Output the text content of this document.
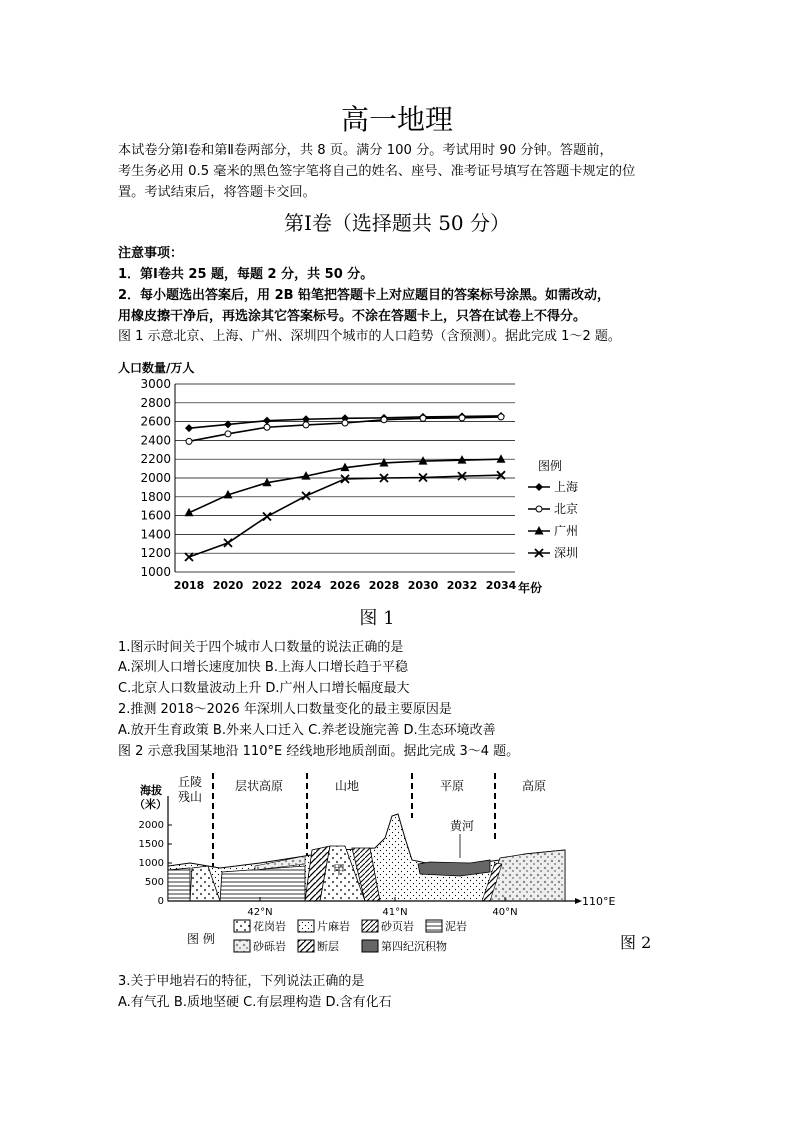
高一地理
本试卷分第Ⅰ卷和第Ⅱ卷两部分，共 8 页。满分 100 分。考试用时 90 分钟。答题前，
考生务必用 0.5 毫米的黑色签字笔将自己的姓名、座号、准考证号填写在答题卡规定的位
置。考试结束后，将答题卡交回。
第Ⅰ卷（选择题共 50 分）
注意事项：
1．第Ⅰ卷共 25 题，每题 2 分，共 50 分。
2．每小题选出答案后，用 2B 铅笔把答题卡上对应题目的答案标号涂黑。如需改动，
用橡皮擦干净后，再选涂其它答案标号。不涂在答题卡上，只答在试卷上不得分。
图 1 示意北京、上海、广州、深圳四个城市的人口趋势（含预测）。据此完成 1～2 题。
人口数量/万人
1000
1200
1400
1600
1800
2000
2200
2400
2600
2800
3000
2018 2020 2022 2024 2026 2028 2030 2032 2034 年份
图例
上海
北京
广州
深圳
图 1
1.图示时间关于四个城市人口数量的说法正确的是
A.深圳人口增长速度加快 B.上海人口增长趋于平稳
C.北京人口数量波动上升 D.广州人口增长幅度最大
2.推测 2018～2026 年深圳人口数量变化的最主要原因是
A.放开生育政策 B.外来人口迁入 C.养老设施完善 D.生态环境改善
图 2 示意我国某地沿 110°E 经线地形地质剖面。据此完成 3～4 题。
丘陵
残山
层状高原	山地	平原	高原
海拔
（米）
2000
1500
1000
500
0
甲
黄河
110°E
42°N	41°N	40°N
图 例
花岗岩	片麻岩	砂页岩	泥岩
砂砾岩	断层	第四纪沉积物	图 2
3.关于甲地岩石的特征，下列说法正确的是
A.有气孔 B.质地坚硬 C.有层理构造 D.含有化石
